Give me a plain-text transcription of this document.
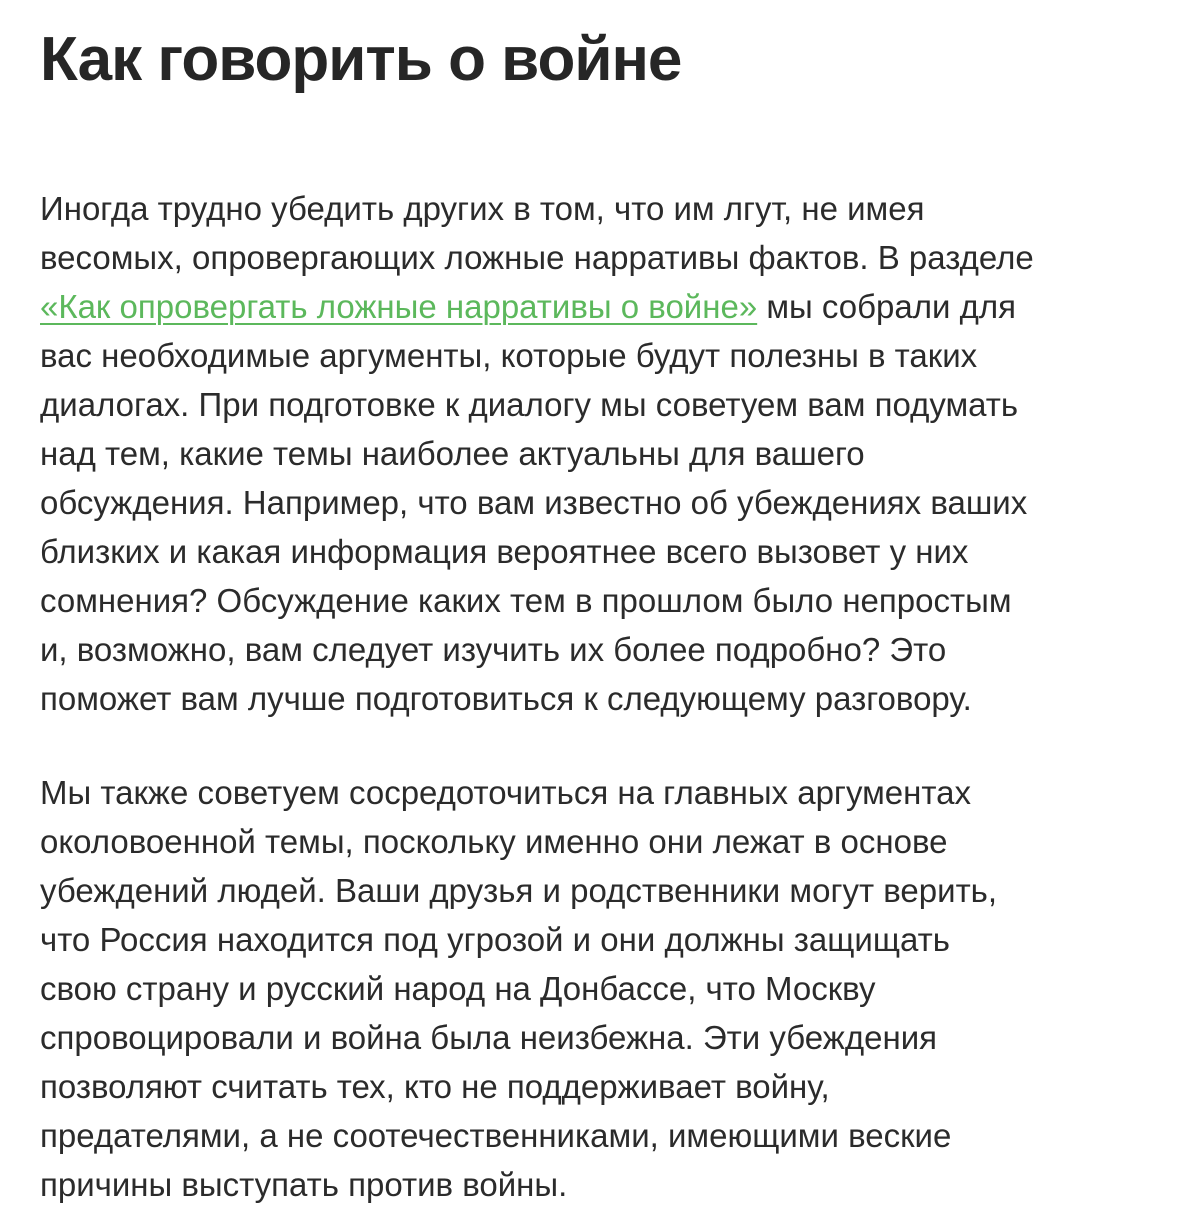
Как говорить о войне

Иногда трудно убедить других в том, что им лгут, не имея
весомых, опровергающих ложные нарративы фактов. В разделе
«Как опровергать ложные нарративы о войне» мы собрали для
вас необходимые аргументы, которые будут полезны в таких
диалогах. При подготовке к диалогу мы советуем вам подумать
над тем, какие темы наиболее актуальны для вашего
обсуждения. Например, что вам известно об убеждениях ваших
близких и какая информация вероятнее всего вызовет у них
сомнения? Обсуждение каких тем в прошлом было непростым
и, возможно, вам следует изучить их более подробно? Это
поможет вам лучше подготовиться к следующему разговору.

Мы также советуем сосредоточиться на главных аргументах
околовоенной темы, поскольку именно они лежат в основе
убеждений людей. Ваши друзья и родственники могут верить,
что Россия находится под угрозой и они должны защищать
свою страну и русский народ на Донбассе, что Москву
спровоцировали и война была неизбежна. Эти убеждения
позволяют считать тех, кто не поддерживает войну,
предателями, а не соотечественниками, имеющими веские
причины выступать против войны.
